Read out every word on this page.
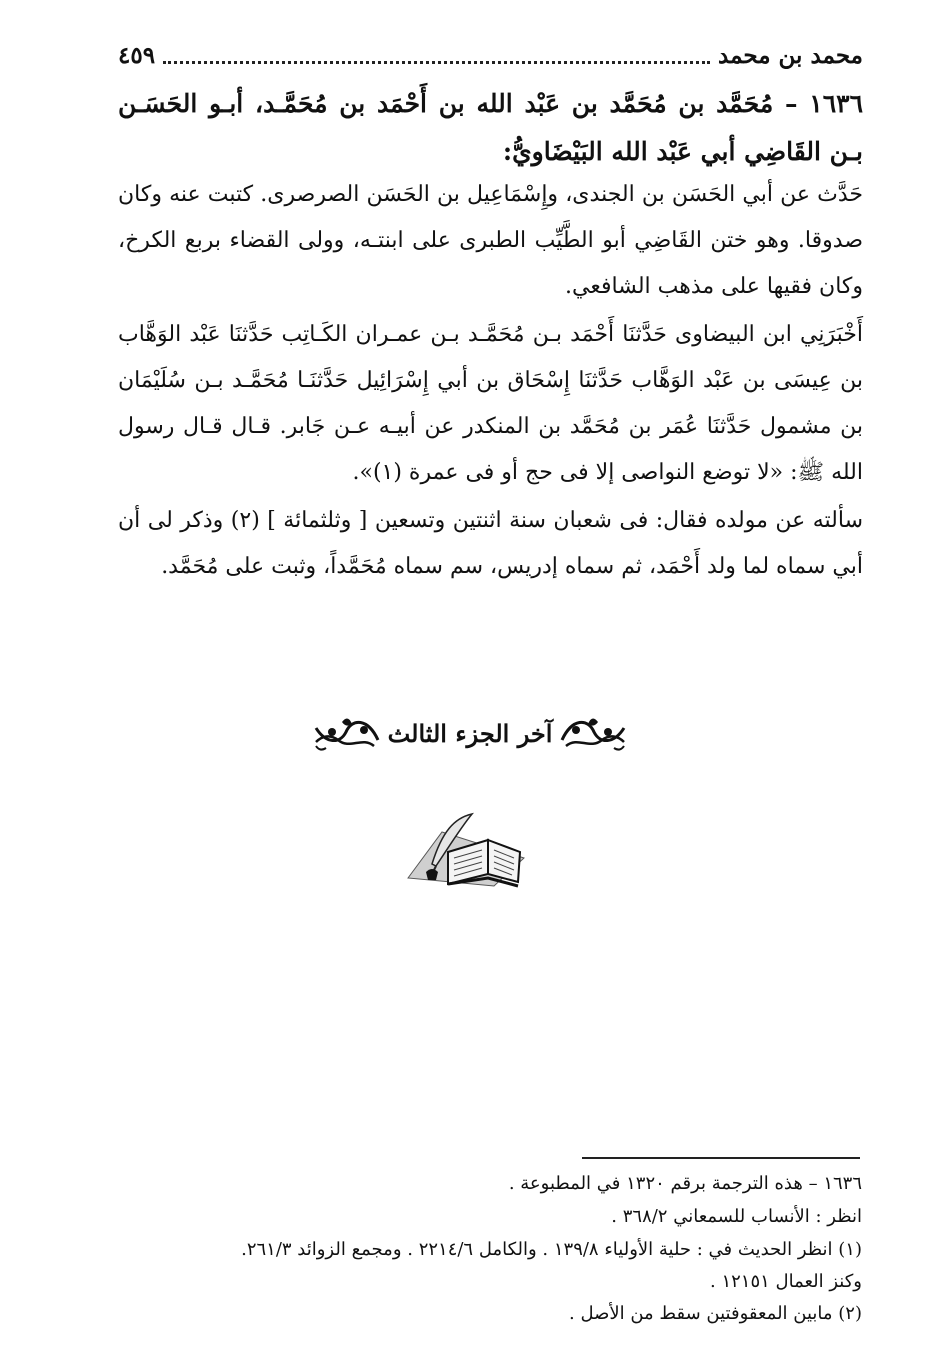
محمد بن محمد
٤٥٩
١٦٣٦ – مُحَمَّد بن مُحَمَّد بن عَبْد الله بن أَحْمَد بن مُحَمَّـد، أبـو الحَسَـن بـن القَاضِي أبي عَبْد الله البَيْضَاويُّ:
حَدَّث عن أبي الحَسَن بن الجندى، وإِسْمَاعِيل بن الحَسَن الصرصرى. كتبت عنه وكان صدوقا. وهو ختن القَاضِي أبو الطَّيِّب الطبرى على ابنتـه، وولى القضاء بربع الكرخ، وكان فقيها على مذهب الشافعي.
أَخْبَرَنِي ابن البيضاوى حَدَّثنَا أَحْمَد بـن مُحَمَّـد بـن عمـران الكَـاتِب حَدَّثنَا عَبْد الوَهَّاب بن عِيسَى بن عَبْد الوَهَّاب حَدَّثنَا إِسْحَاق بن أبي إِسْرَائِيل حَدَّثنَـا مُحَمَّـد بـن سُلَيْمَان بن مشمول حَدَّثنَا عُمَر بن مُحَمَّد بن المنكدر عن أبيـه عـن جَابر. قـال قـال رسول الله ﷺ: «لا توضع النواصى إلا فى حج أو فى عمرة (١)».
سألته عن مولده فقال: فى شعبان سنة اثنتين وتسعين [ وثلثمائة ] (٢) وذكر لى أن أبي سماه لما ولد أَحْمَد، ثم سماه إدريس، سم سماه مُحَمَّداً، وثبت على مُحَمَّد.
آخر الجزء الثالث
١٦٣٦ – هذه الترجمة برقم ١٣٢٠ في المطبوعة .
انظر : الأنساب للسمعاني ٣٦٨/٢ .
(١) انظر الحديث في : حلية الأولياء ١٣٩/٨ . والكامل ٢٢١٤/٦ . ومجمع الزوائد ٢٦١/٣.
وكنز العمال ١٢١٥١ .
(٢) مابين المعقوفتين سقط من الأصل .
